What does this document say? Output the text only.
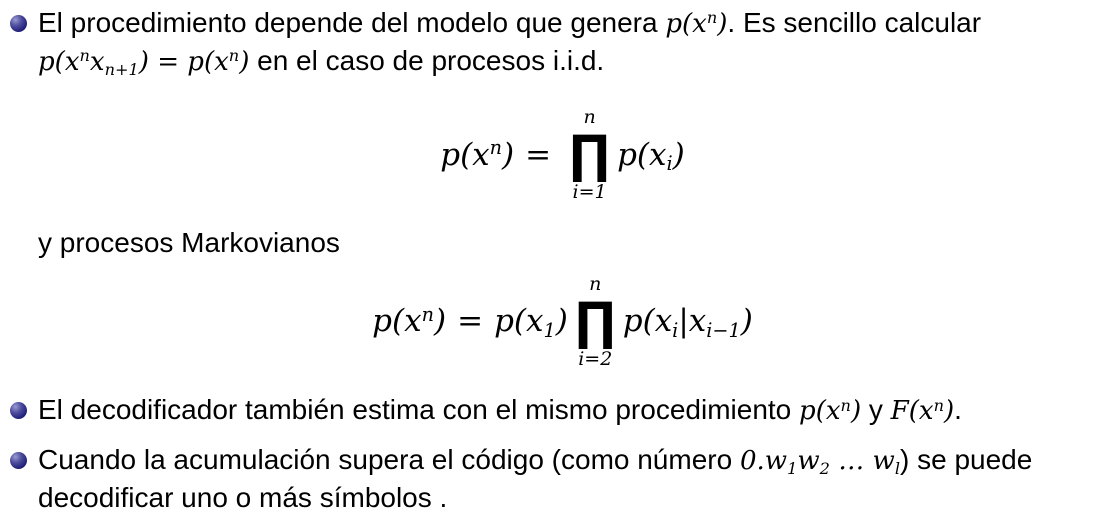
El procedimiento depende del modelo que genera $p(x^n)$. Es sencillo calcular
$p(x^nxn+1) = p(x^n)$ en el caso de procesos i.i.d.
$p(x^n)$ =
n
∏
i=1
p(xi)
y procesos Markovianos
$p(x^n) = p(x1)$
n
∏
i=2
p(xi|xi−1)
El decodificador también estima con el mismo procedimiento $p(x^n)$ y $F(x^n)$.
Cuando la acumulación supera el código (como número 0.w1w2 … wl) se puede
decodificar uno o más símbolos .
